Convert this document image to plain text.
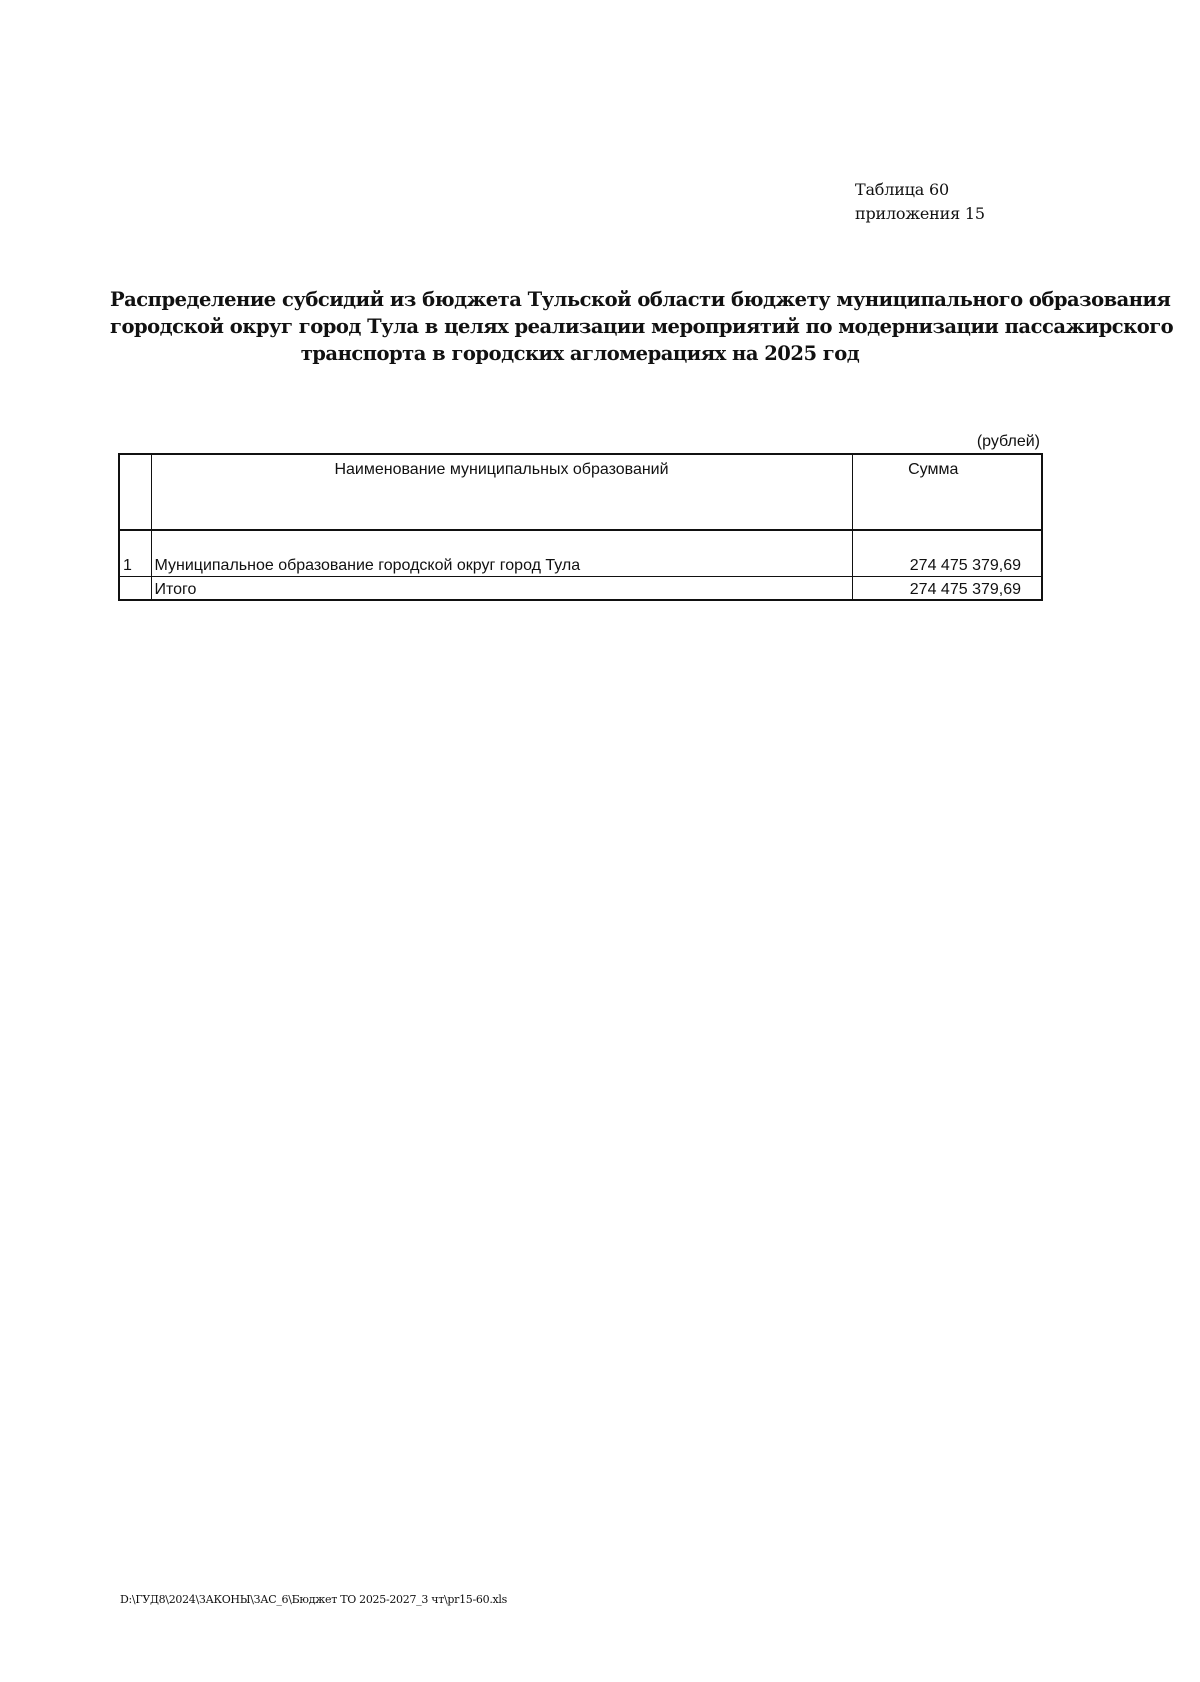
Таблица 60
приложения 15
Распределение субсидий из бюджета Тульской области бюджету муниципального образования
городской округ город Тула в целях реализации мероприятий по модернизации пассажирского
транспорта в городских агломерациях на 2025 год
(рублей)
	Наименование муниципальных образований	Сумма
1	Муниципальное образование городской округ город Тула	274 475 379,69
	Итого	274 475 379,69
D:\ГУД8\2024\ЗАКОНЫ\ЗАС_6\Бюджет ТО 2025-2027_3 чт\pr15-60.xls
